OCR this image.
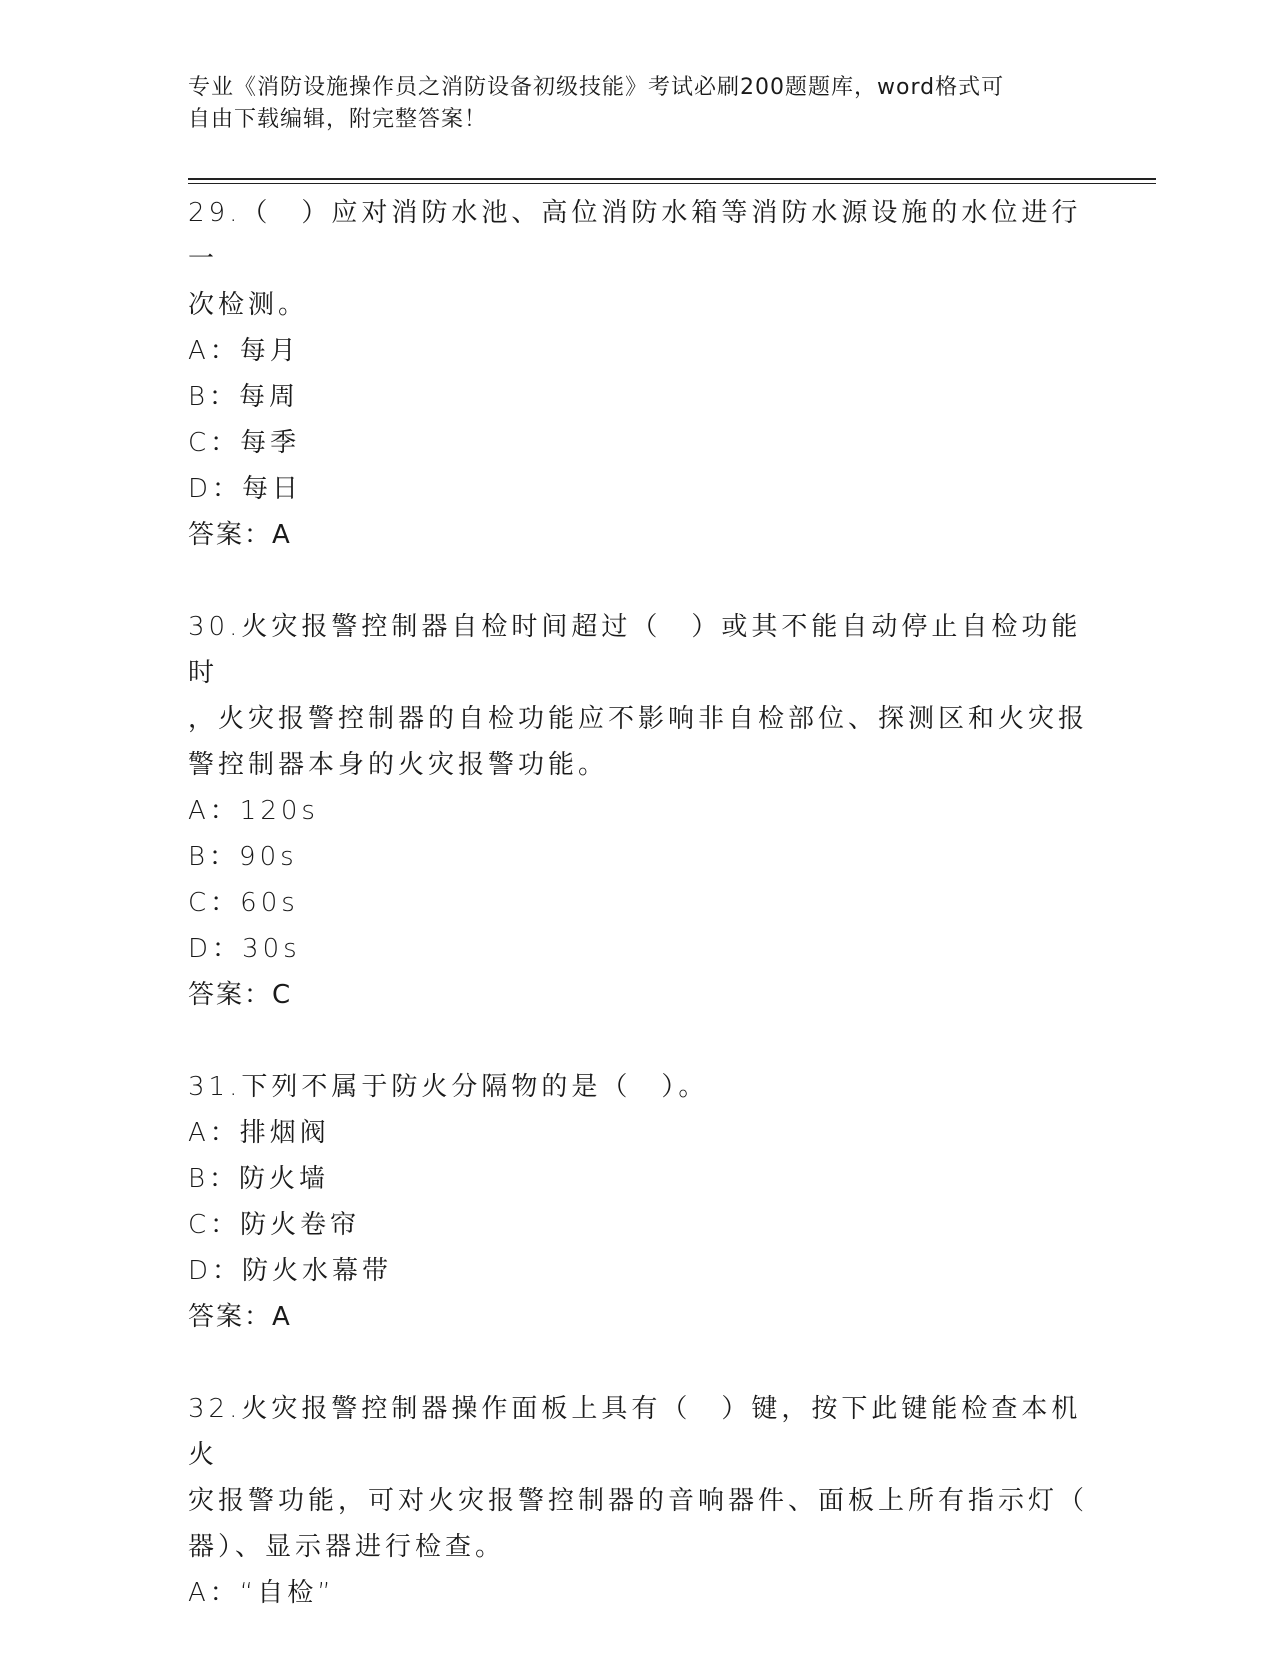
专业《消防设施操作员之消防设备初级技能》考试必刷200题题库，word格式可
自由下载编辑，附完整答案！
29.（　）应对消防水池、高位消防水箱等消防水源设施的水位进行一
次检测。
A：每月
B：每周
C：每季
D：每日
答案：A
30.火灾报警控制器自检时间超过（　）或其不能自动停止自检功能时
，火灾报警控制器的自检功能应不影响非自检部位、探测区和火灾报
警控制器本身的火灾报警功能。
A：120s
B：90s
C：60s
D：30s
答案：C
31.下列不属于防火分隔物的是（　）。
A：排烟阀
B：防火墙
C：防火卷帘
D：防火水幕带
答案：A
32.火灾报警控制器操作面板上具有（　）键，按下此键能检查本机火
灾报警功能，可对火灾报警控制器的音响器件、面板上所有指示灯（
器）、显示器进行检查。
A：“自检”
